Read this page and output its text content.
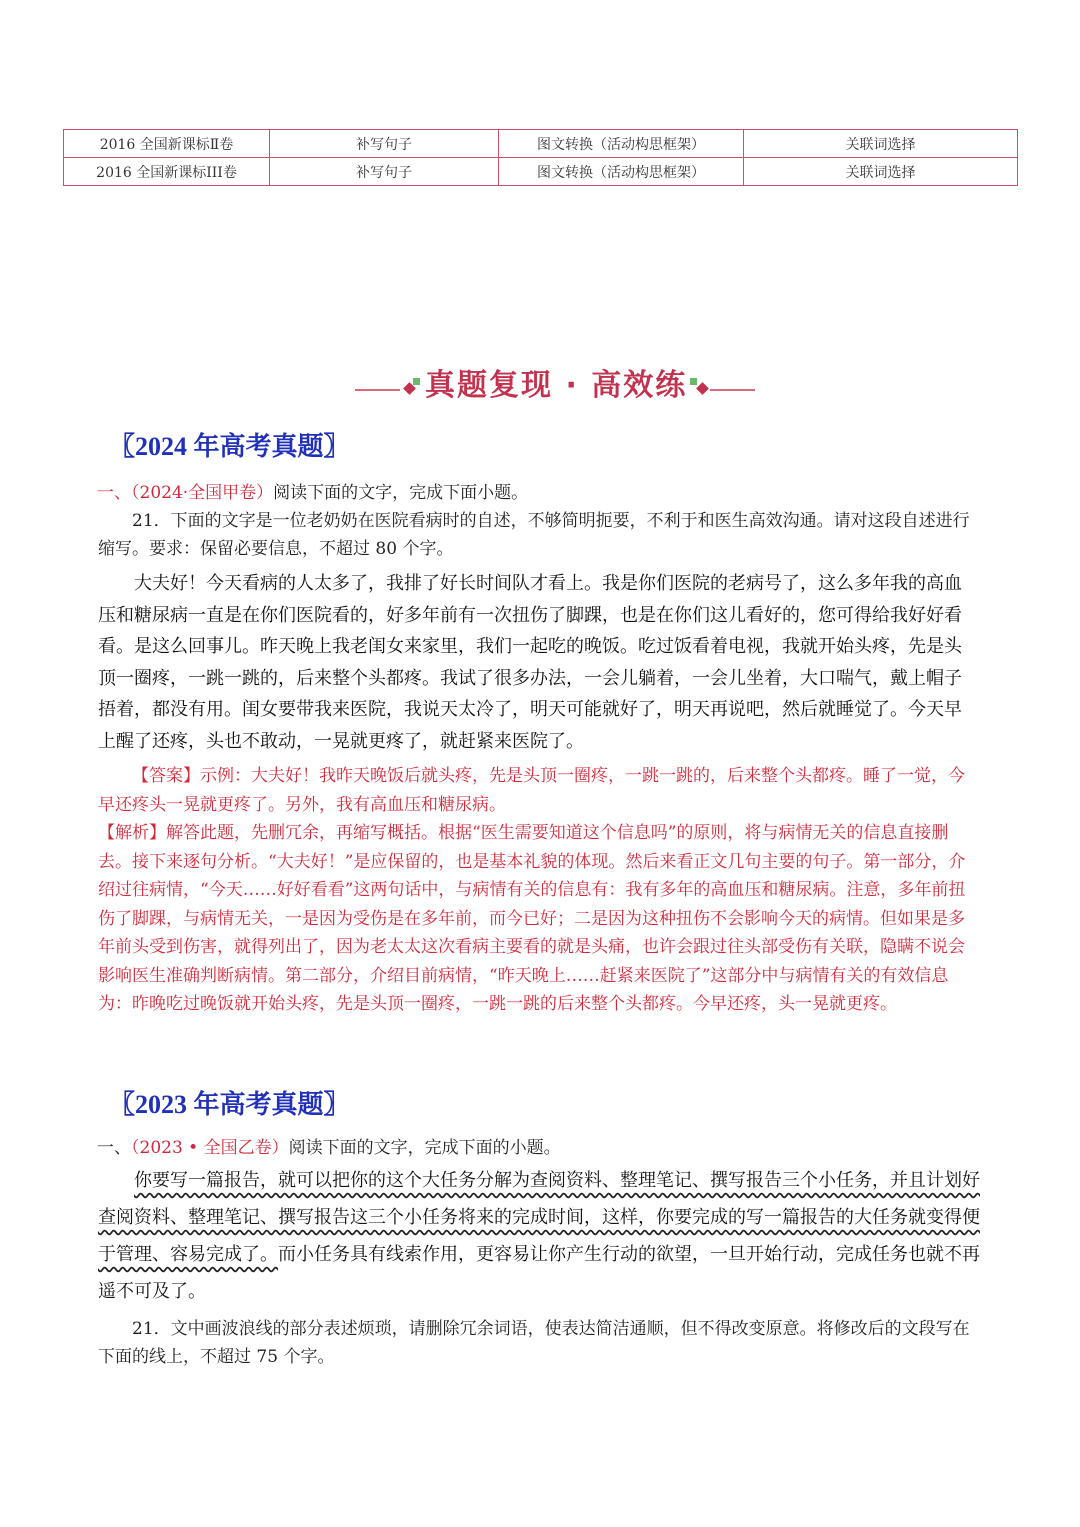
2016 全国新课标Ⅱ卷	补写句子	图文转换（活动构思框架）	关联词选择
2016 全国新课标III卷	补写句子	图文转换（活动构思框架）	关联词选择
真题复现 · 高效练
〖2024 年高考真题〗
一、（2024·全国甲卷）阅读下面的文字，完成下面小题。
21．下面的文字是一位老奶奶在医院看病时的自述，不够简明扼要，不利于和医生高效沟通。请对这段自述进行缩写。要求：保留必要信息，不超过 80 个字。
大夫好！今天看病的人太多了，我排了好长时间队才看上。我是你们医院的老病号了，这么多年我的高血压和糖尿病一直是在你们医院看的，好多年前有一次扭伤了脚踝，也是在你们这儿看好的，您可得给我好好看看。是这么回事儿。昨天晚上我老闺女来家里，我们一起吃的晚饭。吃过饭看着电视，我就开始头疼，先是头顶一圈疼，一跳一跳的，后来整个头都疼。我试了很多办法，一会儿躺着，一会儿坐着，大口喘气，戴上帽子捂着，都没有用。闺女要带我来医院，我说天太冷了，明天可能就好了，明天再说吧，然后就睡觉了。今天早上醒了还疼，头也不敢动，一晃就更疼了，就赶紧来医院了。
【答案】示例：大夫好！我昨天晚饭后就头疼，先是头顶一圈疼，一跳一跳的，后来整个头都疼。睡了一觉，今早还疼头一晃就更疼了。另外，我有高血压和糖尿病。
【解析】解答此题，先删冗余，再缩写概括。根据“医生需要知道这个信息吗”的原则，将与病情无关的信息直接删去。接下来逐句分析。“大夫好！”是应保留的，也是基本礼貌的体现。然后来看正文几句主要的句子。第一部分，介绍过往病情，“今天……好好看看”这两句话中，与病情有关的信息有：我有多年的高血压和糖尿病。注意，多年前扭伤了脚踝，与病情无关，一是因为受伤是在多年前，而今已好；二是因为这种扭伤不会影响今天的病情。但如果是多年前头受到伤害，就得列出了，因为老太太这次看病主要看的就是头痛，也许会跟过往头部受伤有关联，隐瞒不说会影响医生准确判断病情。第二部分，介绍目前病情，“昨天晚上……赶紧来医院了”这部分中与病情有关的有效信息为：昨晚吃过晚饭就开始头疼，先是头顶一圈疼，一跳一跳的后来整个头都疼。今早还疼，头一晃就更疼。
〖2023 年高考真题〗
一、（2023 • 全国乙卷）阅读下面的文字，完成下面的小题。
你要写一篇报告，就可以把你的这个大任务分解为查阅资料、整理笔记、撰写报告三个小任务，并且计划好查阅资料、整理笔记、撰写报告这三个小任务将来的完成时间，这样，你要完成的写一篇报告的大任务就变得便于管理、容易完成了。而小任务具有线索作用，更容易让你产生行动的欲望，一旦开始行动，完成任务也就不再遥不可及了。
21．文中画波浪线的部分表述烦琐，请删除冗余词语，使表达简洁通顺，但不得改变原意。将修改后的文段写在下面的线上，不超过 75 个字。
